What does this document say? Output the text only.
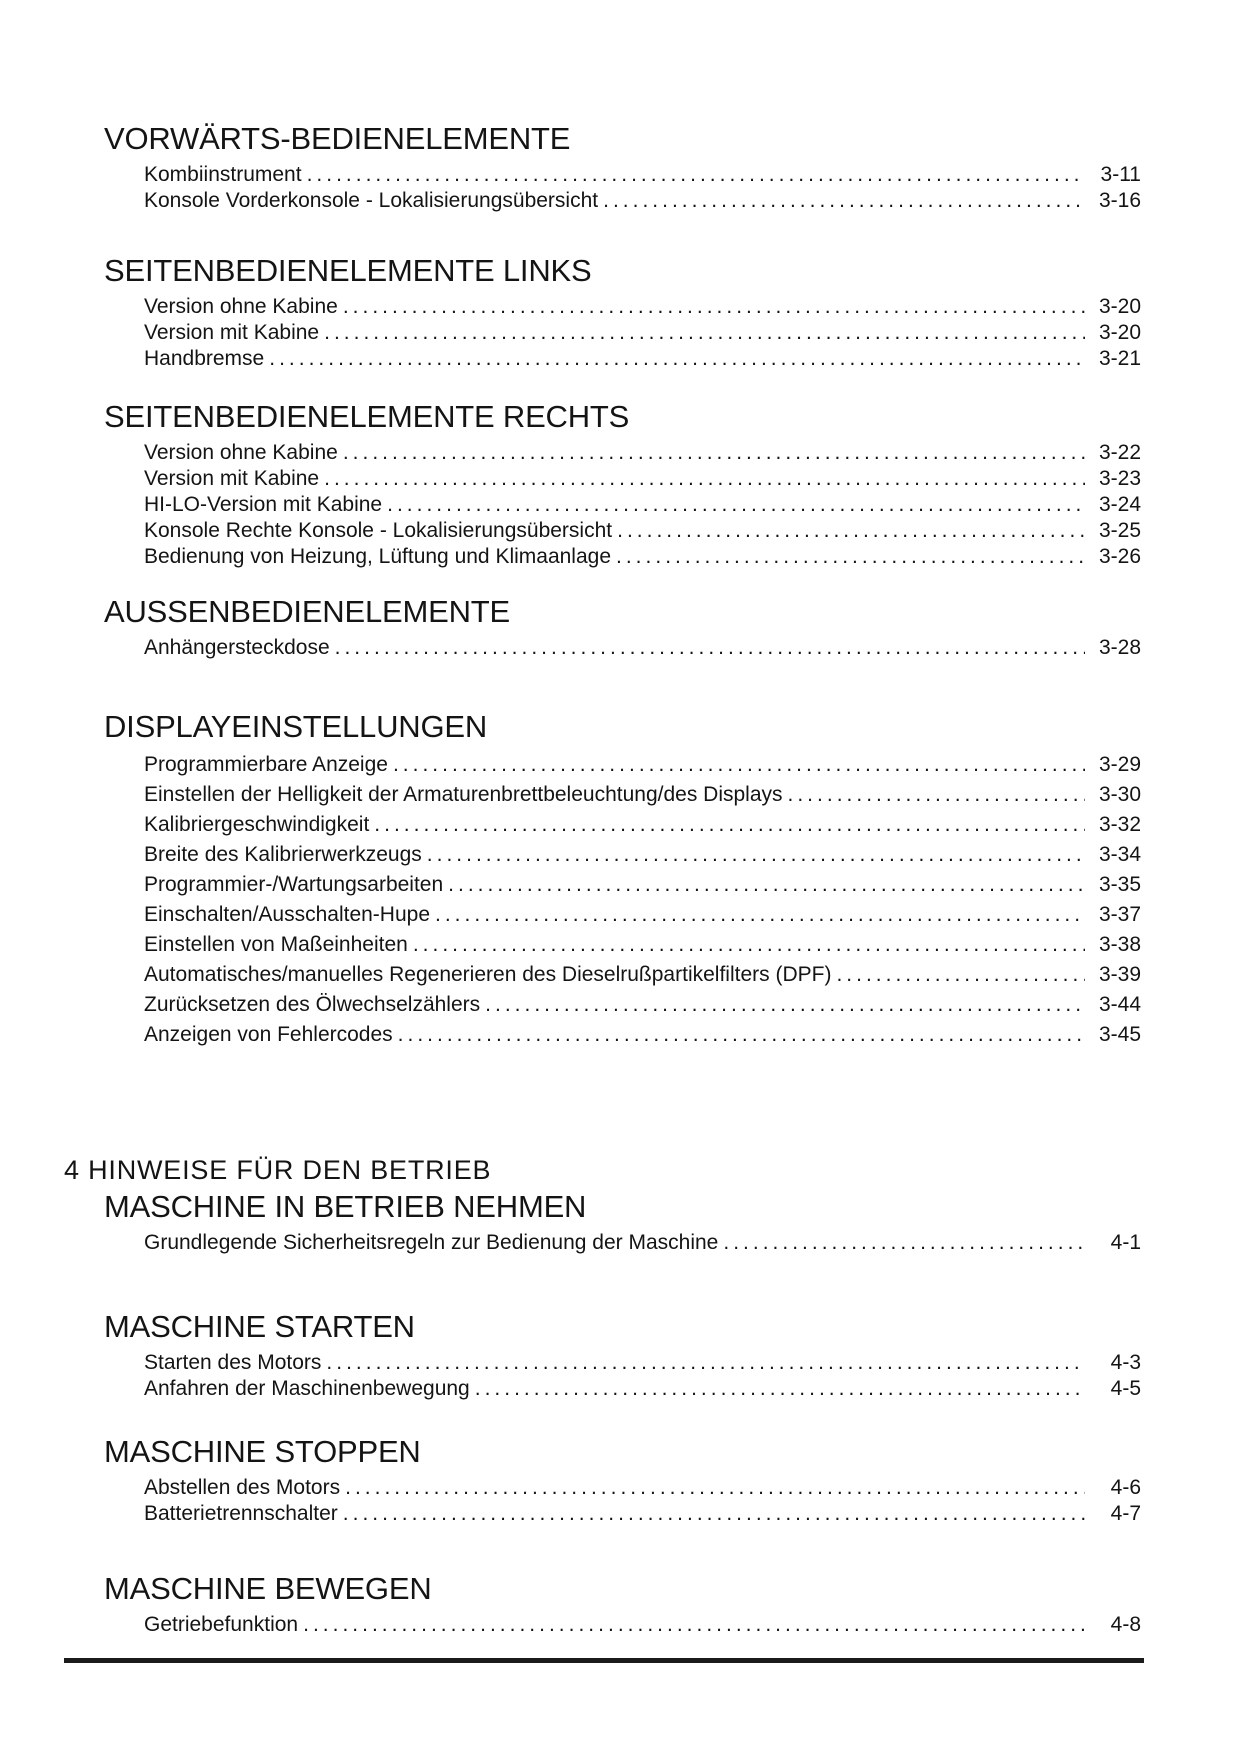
VORWÄRTS-BEDIENELEMENTE
Kombiinstrument .....	3-11
Konsole Vorderkonsole - Lokalisierungsübersicht .....	3-16
SEITENBEDIENELEMENTE LINKS
Version ohne Kabine .....	3-20
Version mit Kabine .....	3-20
Handbremse .....	3-21
SEITENBEDIENELEMENTE RECHTS
Version ohne Kabine .....	3-22
Version mit Kabine .....	3-23
HI-LO-Version mit Kabine .....	3-24
Konsole Rechte Konsole - Lokalisierungsübersicht .....	3-25
Bedienung von Heizung, Lüftung und Klimaanlage .....	3-26
AUSSENBEDIENELEMENTE
Anhängersteckdose .....	3-28
DISPLAYEINSTELLUNGEN
Programmierbare Anzeige .....	3-29
Einstellen der Helligkeit der Armaturenbrettbeleuchtung/des Displays .....	3-30
Kalibriergeschwindigkeit .....	3-32
Breite des Kalibrierwerkzeugs .....	3-34
Programmier-/Wartungsarbeiten .....	3-35
Einschalten/Ausschalten-Hupe .....	3-37
Einstellen von Maßeinheiten .....	3-38
Automatisches/manuelles Regenerieren des Dieselrußpartikelfilters (DPF) .....	3-39
Zurücksetzen des Ölwechselzählers .....	3-44
Anzeigen von Fehlercodes .....	3-45
4 HINWEISE FÜR DEN BETRIEB
MASCHINE IN BETRIEB NEHMEN
Grundlegende Sicherheitsregeln zur Bedienung der Maschine .....	4-1
MASCHINE STARTEN
Starten des Motors .....	4-3
Anfahren der Maschinenbewegung .....	4-5
MASCHINE STOPPEN
Abstellen des Motors .....	4-6
Batterietrennschalter .....	4-7
MASCHINE BEWEGEN
Getriebefunktion .....	4-8
